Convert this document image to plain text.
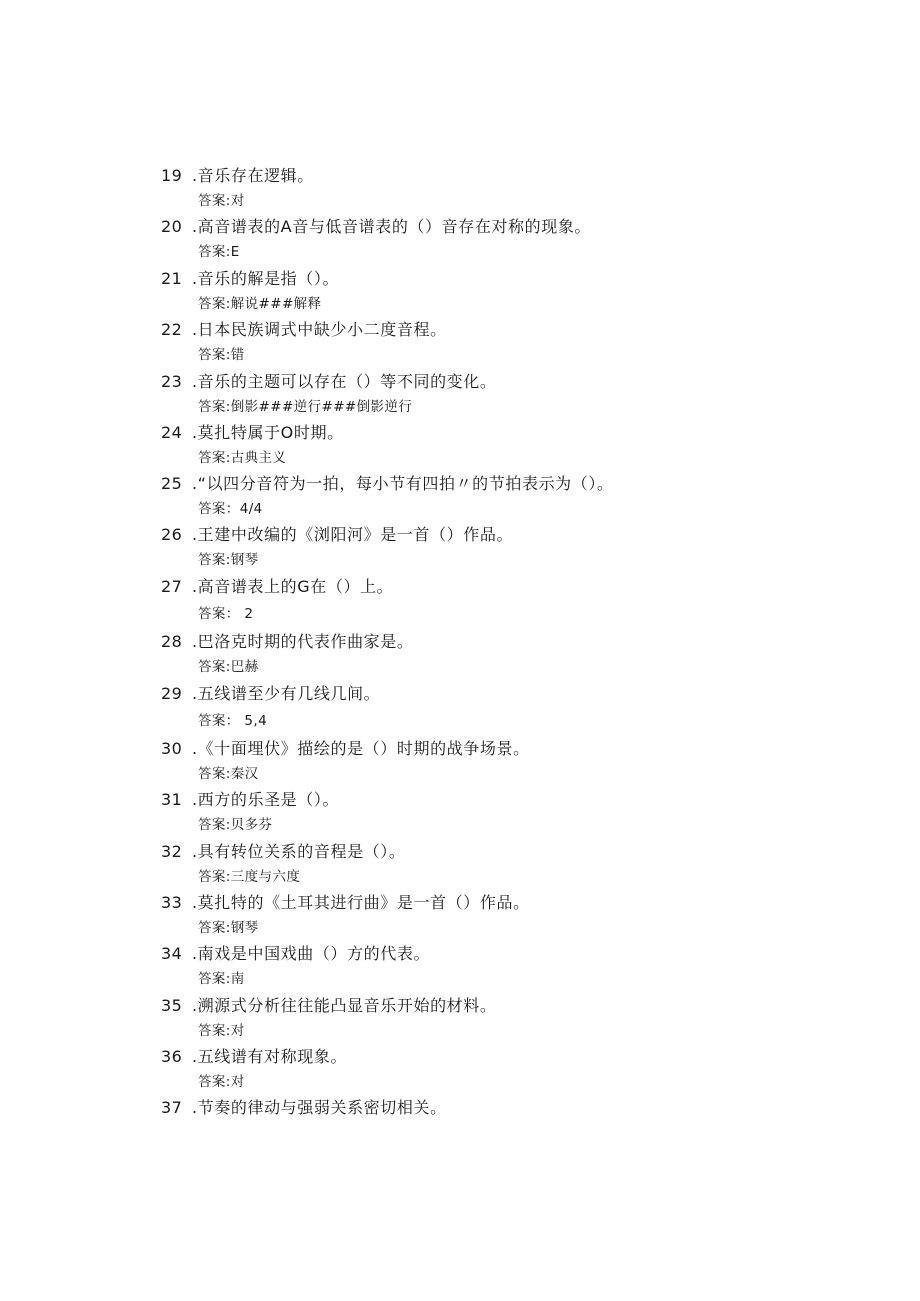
19 .音乐存在逻辑。
答案:对
20 .高音谱表的A音与低音谱表的（）音存在对称的现象。
答案:E
21 .音乐的解是指（）。
答案:解说###解释
22 .日本民族调式中缺少小二度音程。
答案:错
23 .音乐的主题可以存在（）等不同的变化。
答案:倒影###逆行###倒影逆行
24 .莫扎特属于O时期。
答案:古典主义
25 .“以四分音符为一拍，每小节有四拍〃的节拍表示为（）。
答案：4/4
26 .王建中改编的《浏阳河》是一首（）作品。
答案:钢琴
27 .高音谱表上的G在（）上。
答案： 2
28 .巴洛克时期的代表作曲家是。
答案:巴赫
29 .五线谱至少有几线几间。
答案： 5,4
30 .《十面埋伏》描绘的是（）时期的战争场景。
答案:秦汉
31 .西方的乐圣是（）。
答案:贝多芬
32 .具有转位关系的音程是（）。
答案:三度与六度
33 .莫扎特的《土耳其进行曲》是一首（）作品。
答案:钢琴
34 .南戏是中国戏曲（）方的代表。
答案:南
35 .溯源式分析往往能凸显音乐开始的材料。
答案:对
36 .五线谱有对称现象。
答案:对
37 .节奏的律动与强弱关系密切相关。
